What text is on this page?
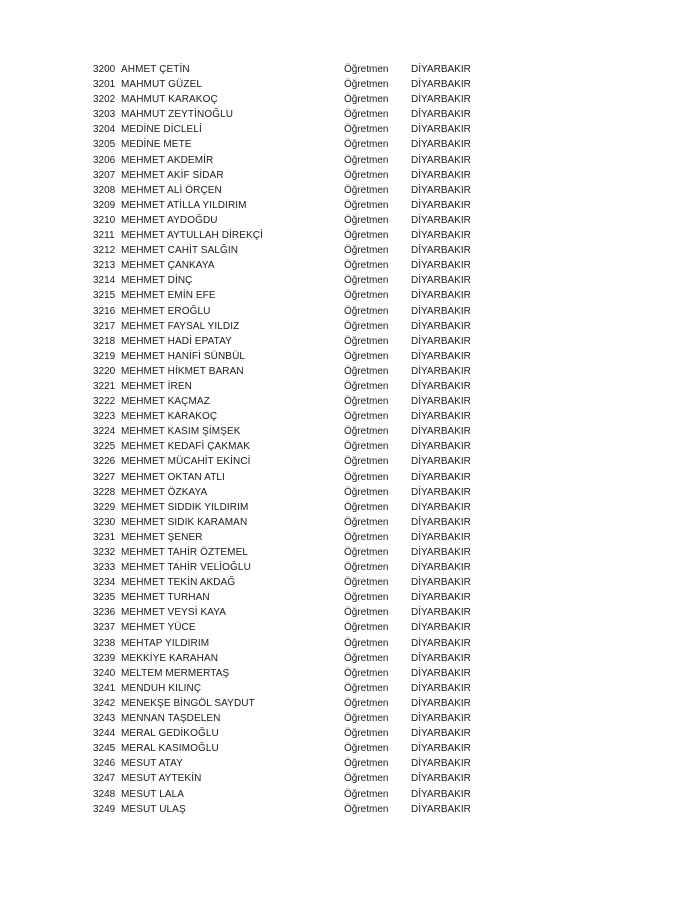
3200 AHMET ÇETİN	Öğretmen DİYARBAKIR
3201 MAHMUT GÜZEL	Öğretmen DİYARBAKIR
3202 MAHMUT KARAKOÇ	Öğretmen DİYARBAKIR
3203 MAHMUT ZEYTİNOĞLU	Öğretmen DİYARBAKIR
3204 MEDİNE DİCLELİ	Öğretmen DİYARBAKIR
3205 MEDİNE METE	Öğretmen DİYARBAKIR
3206 MEHMET AKDEMİR	Öğretmen DİYARBAKIR
3207 MEHMET AKİF SİDAR	Öğretmen DİYARBAKIR
3208 MEHMET ALİ ÖRÇEN	Öğretmen DİYARBAKIR
3209 MEHMET ATİLLA YILDIRIM	Öğretmen DİYARBAKIR
3210 MEHMET AYDOĞDU	Öğretmen DİYARBAKIR
3211 MEHMET AYTULLAH DİREKÇİ	Öğretmen DİYARBAKIR
3212 MEHMET CAHİT SALĞIN	Öğretmen DİYARBAKIR
3213 MEHMET ÇANKAYA	Öğretmen DİYARBAKIR
3214 MEHMET DİNÇ	Öğretmen DİYARBAKIR
3215 MEHMET EMİN EFE	Öğretmen DİYARBAKIR
3216 MEHMET EROĞLU	Öğretmen DİYARBAKIR
3217 MEHMET FAYSAL YILDIZ	Öğretmen DİYARBAKIR
3218 MEHMET HADİ EPATAY	Öğretmen DİYARBAKIR
3219 MEHMET HANİFİ SÜNBÜL	Öğretmen DİYARBAKIR
3220 MEHMET HİKMET BARAN	Öğretmen DİYARBAKIR
3221 MEHMET İREN	Öğretmen DİYARBAKIR
3222 MEHMET KAÇMAZ	Öğretmen DİYARBAKIR
3223 MEHMET KARAKOÇ	Öğretmen DİYARBAKIR
3224 MEHMET KASIM ŞİMŞEK	Öğretmen DİYARBAKIR
3225 MEHMET KEDAFİ ÇAKMAK	Öğretmen DİYARBAKIR
3226 MEHMET MÜCAHİT EKİNCİ	Öğretmen DİYARBAKIR
3227 MEHMET OKTAN ATLI	Öğretmen DİYARBAKIR
3228 MEHMET ÖZKAYA	Öğretmen DİYARBAKIR
3229 MEHMET SIDDIK YILDIRIM	Öğretmen DİYARBAKIR
3230 MEHMET SIDIK KARAMAN	Öğretmen DİYARBAKIR
3231 MEHMET ŞENER	Öğretmen DİYARBAKIR
3232 MEHMET TAHİR ÖZTEMEL	Öğretmen DİYARBAKIR
3233 MEHMET TAHİR VELİOĞLU	Öğretmen DİYARBAKIR
3234 MEHMET TEKİN AKDAĞ	Öğretmen DİYARBAKIR
3235 MEHMET TURHAN	Öğretmen DİYARBAKIR
3236 MEHMET VEYSİ KAYA	Öğretmen DİYARBAKIR
3237 MEHMET YÜCE	Öğretmen DİYARBAKIR
3238 MEHTAP YILDIRIM	Öğretmen DİYARBAKIR
3239 MEKKİYE KARAHAN	Öğretmen DİYARBAKIR
3240 MELTEM MERMERTAŞ	Öğretmen DİYARBAKIR
3241 MENDUH KILINÇ	Öğretmen DİYARBAKIR
3242 MENEKŞE BİNGÖL SAYDUT	Öğretmen DİYARBAKIR
3243 MENNAN TAŞDELEN	Öğretmen DİYARBAKIR
3244 MERAL GEDİKOĞLU	Öğretmen DİYARBAKIR
3245 MERAL KASIMOĞLU	Öğretmen DİYARBAKIR
3246 MESUT ATAY	Öğretmen DİYARBAKIR
3247 MESUT AYTEKİN	Öğretmen DİYARBAKIR
3248 MESUT LALA	Öğretmen DİYARBAKIR
3249 MESUT ULAŞ	Öğretmen DİYARBAKIR
